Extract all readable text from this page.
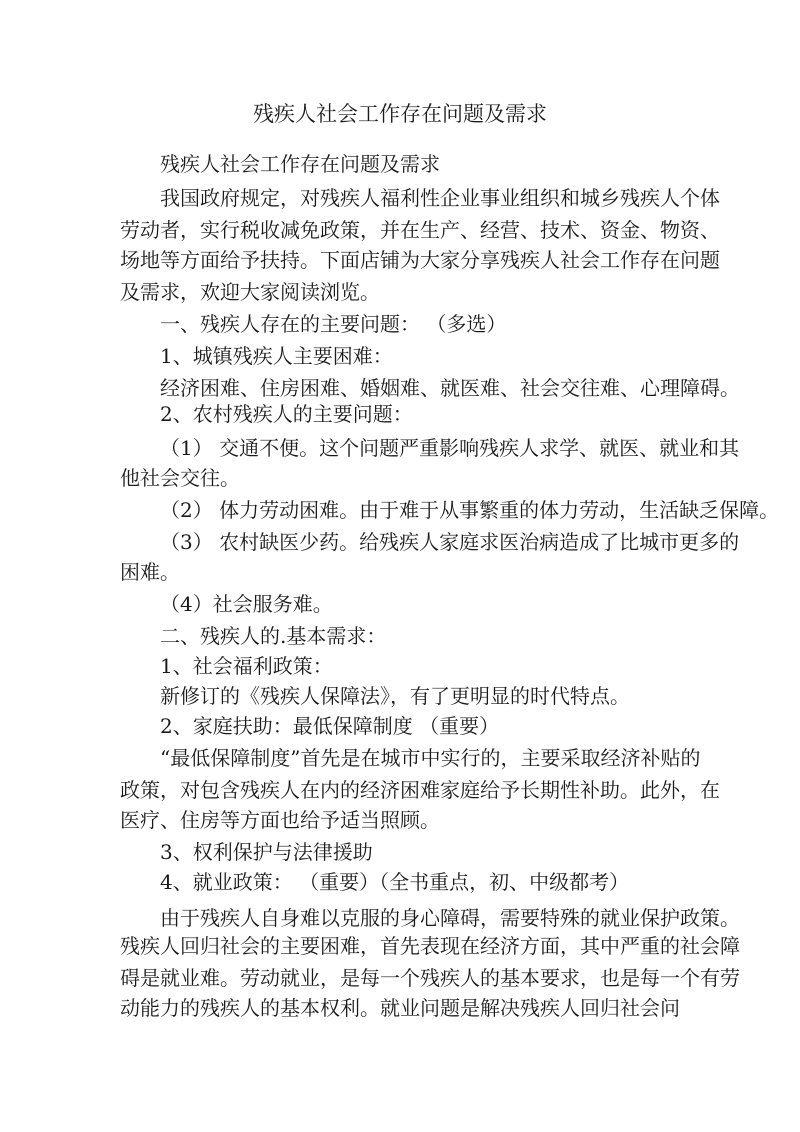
残疾人社会工作存在问题及需求
残疾人社会工作存在问题及需求
我国政府规定，对残疾人福利性企业事业组织和城乡残疾人个体
劳动者，实行税收减免政策，并在生产、经营、技术、资金、物资、
场地等方面给予扶持。下面店铺为大家分享残疾人社会工作存在问题
及需求，欢迎大家阅读浏览。
一、残疾人存在的主要问题： （多选）
1、城镇残疾人主要困难：
经济困难、住房困难、婚姻难、就医难、社会交往难、心理障碍。
2、农村残疾人的主要问题：
（1） 交通不便。这个问题严重影响残疾人求学、就医、就业和其
他社会交往。
（2） 体力劳动困难。由于难于从事繁重的体力劳动，生活缺乏保障。
（3） 农村缺医少药。给残疾人家庭求医治病造成了比城市更多的
困难。
（4）社会服务难。
二、残疾人的.基本需求：
1、社会福利政策：
新修订的《残疾人保障法》，有了更明显的时代特点。
2、家庭扶助：最低保障制度 （重要）
“最低保障制度”首先是在城市中实行的，主要采取经济补贴的
政策，对包含残疾人在内的经济困难家庭给予长期性补助。此外，在
医疗、住房等方面也给予适当照顾。
3、权利保护与法律援助
4、就业政策： （重要）（全书重点，初、中级都考）
由于残疾人自身难以克服的身心障碍，需要特殊的就业保护政策。
残疾人回归社会的主要困难，首先表现在经济方面，其中严重的社会障
碍是就业难。劳动就业，是每一个残疾人的基本要求，也是每一个有劳
动能力的残疾人的基本权利。就业问题是解决残疾人回归社会问
